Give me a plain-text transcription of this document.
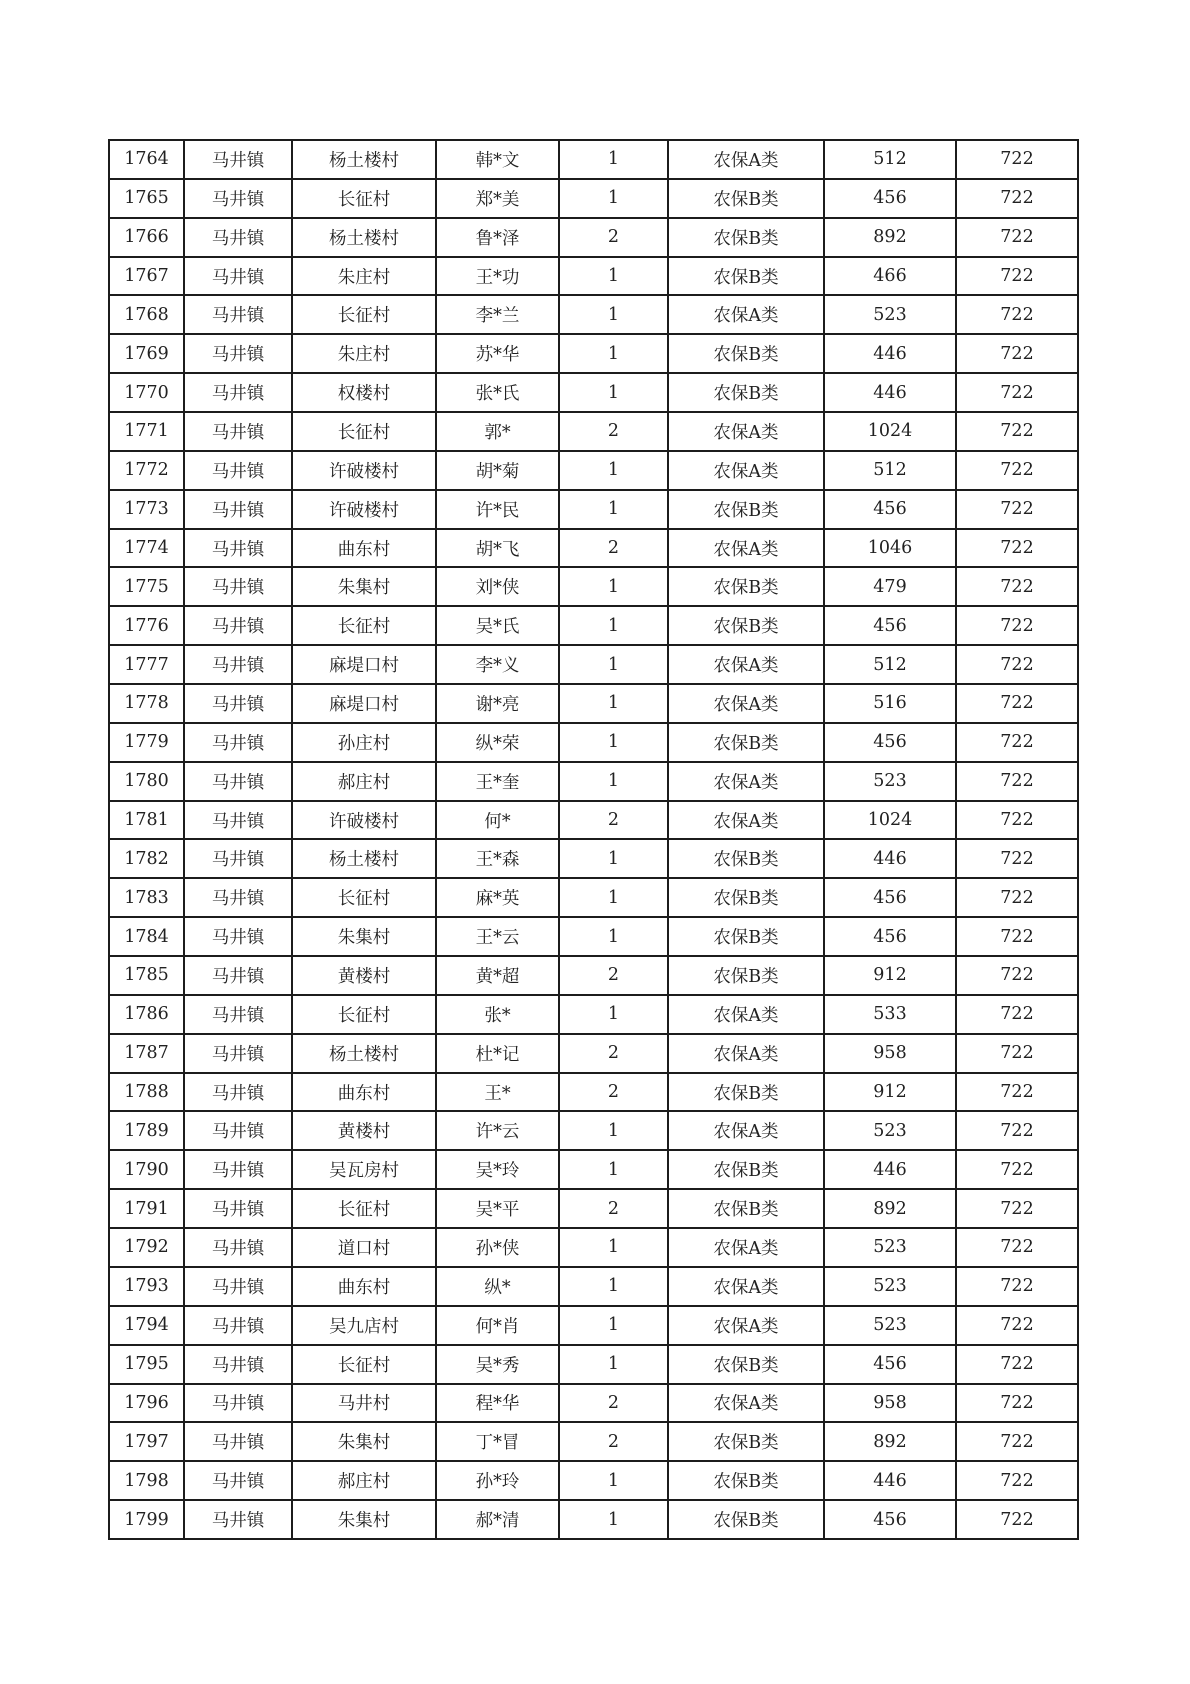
1764	马井镇	杨土楼村	韩*文	1	农保A类	512	722
1765	马井镇	长征村	郑*美	1	农保B类	456	722
1766	马井镇	杨土楼村	鲁*泽	2	农保B类	892	722
1767	马井镇	朱庄村	王*功	1	农保B类	466	722
1768	马井镇	长征村	李*兰	1	农保A类	523	722
1769	马井镇	朱庄村	苏*华	1	农保B类	446	722
1770	马井镇	权楼村	张*氏	1	农保B类	446	722
1771	马井镇	长征村	郭*	2	农保A类	1024	722
1772	马井镇	许破楼村	胡*菊	1	农保A类	512	722
1773	马井镇	许破楼村	许*民	1	农保B类	456	722
1774	马井镇	曲东村	胡*飞	2	农保A类	1046	722
1775	马井镇	朱集村	刘*侠	1	农保B类	479	722
1776	马井镇	长征村	吴*氏	1	农保B类	456	722
1777	马井镇	麻堤口村	李*义	1	农保A类	512	722
1778	马井镇	麻堤口村	谢*亮	1	农保A类	516	722
1779	马井镇	孙庄村	纵*荣	1	农保B类	456	722
1780	马井镇	郝庄村	王*奎	1	农保A类	523	722
1781	马井镇	许破楼村	何*	2	农保A类	1024	722
1782	马井镇	杨土楼村	王*森	1	农保B类	446	722
1783	马井镇	长征村	麻*英	1	农保B类	456	722
1784	马井镇	朱集村	王*云	1	农保B类	456	722
1785	马井镇	黄楼村	黄*超	2	农保B类	912	722
1786	马井镇	长征村	张*	1	农保A类	533	722
1787	马井镇	杨土楼村	杜*记	2	农保A类	958	722
1788	马井镇	曲东村	王*	2	农保B类	912	722
1789	马井镇	黄楼村	许*云	1	农保A类	523	722
1790	马井镇	吴瓦房村	吴*玲	1	农保B类	446	722
1791	马井镇	长征村	吴*平	2	农保B类	892	722
1792	马井镇	道口村	孙*侠	1	农保A类	523	722
1793	马井镇	曲东村	纵*	1	农保A类	523	722
1794	马井镇	吴九店村	何*肖	1	农保A类	523	722
1795	马井镇	长征村	吴*秀	1	农保B类	456	722
1796	马井镇	马井村	程*华	2	农保A类	958	722
1797	马井镇	朱集村	丁*冒	2	农保B类	892	722
1798	马井镇	郝庄村	孙*玲	1	农保B类	446	722
1799	马井镇	朱集村	郝*清	1	农保B类	456	722
